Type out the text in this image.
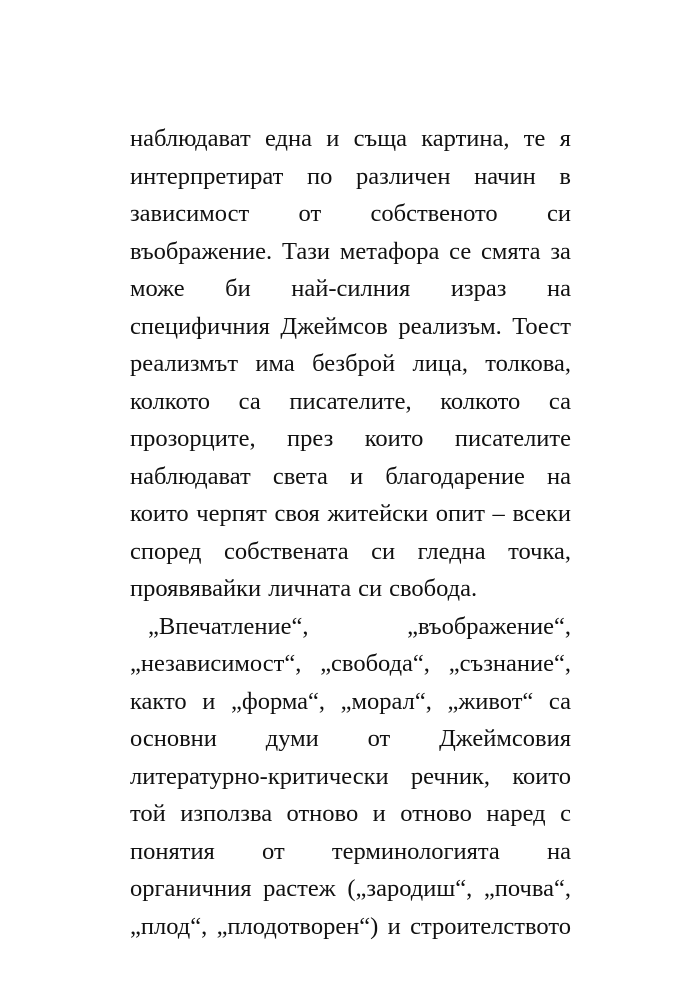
наблюдават една и съща картина, те я
интерпретират по различен начин в
зависимост от собственото си
въображение. Тази метафора се смята за
може би най-силния израз на
специфичния Джеймсов реализъм. Тоест
реализмът има безброй лица, толкова,
колкото са писателите, колкото са
прозорците, през които писателите
наблюдават света и благодарение на
които черпят своя житейски опит – всеки
според собствената си гледна точка,
проявявайки личната си свобода.
„Впечатление“,	„въображение“,
„независимост“, „свобода“, „съзнание“,
както и „форма“, „морал“, „живот“ са
основни думи от Джеймсовия
литературно-критически речник, които
той използва отново и отново наред с
понятия от терминологията на
органичния растеж („зародиш“, „почва“,
„плод“, „плодотворен“) и строителството
